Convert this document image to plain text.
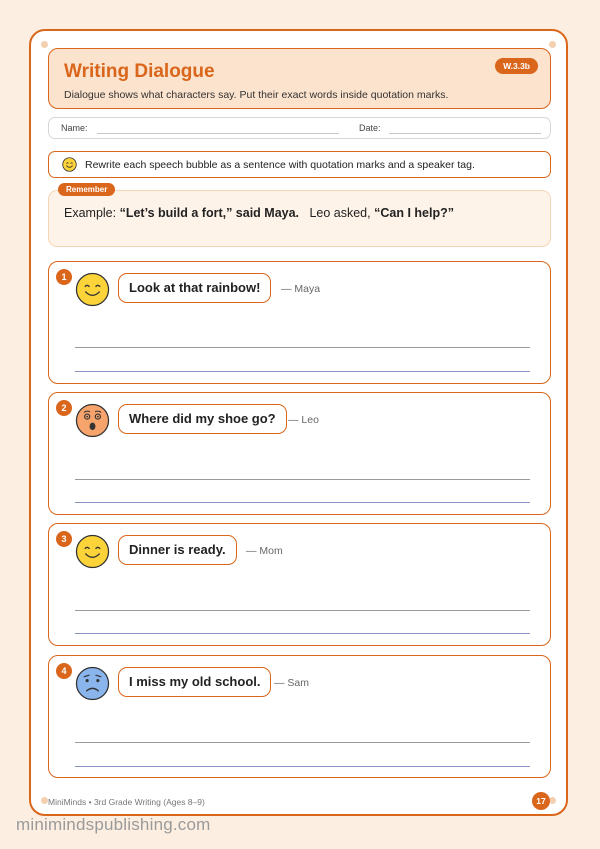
Writing Dialogue
Dialogue shows what characters say. Put their exact words inside quotation marks.
W.3.3b
Name:	Date:
Rewrite each speech bubble as a sentence with quotation marks and a speaker tag.
Remember
Example: “Let’s build a fort,” said Maya. Leo asked, “Can I help?”
1
Look at that rainbow!	— Maya
2
Where did my shoe go?	— Leo
3
Dinner is ready.	— Mom
4
I miss my old school.	— Sam
MiniMinds • 3rd Grade Writing (Ages 8–9)	17
minimindspublishing.com
